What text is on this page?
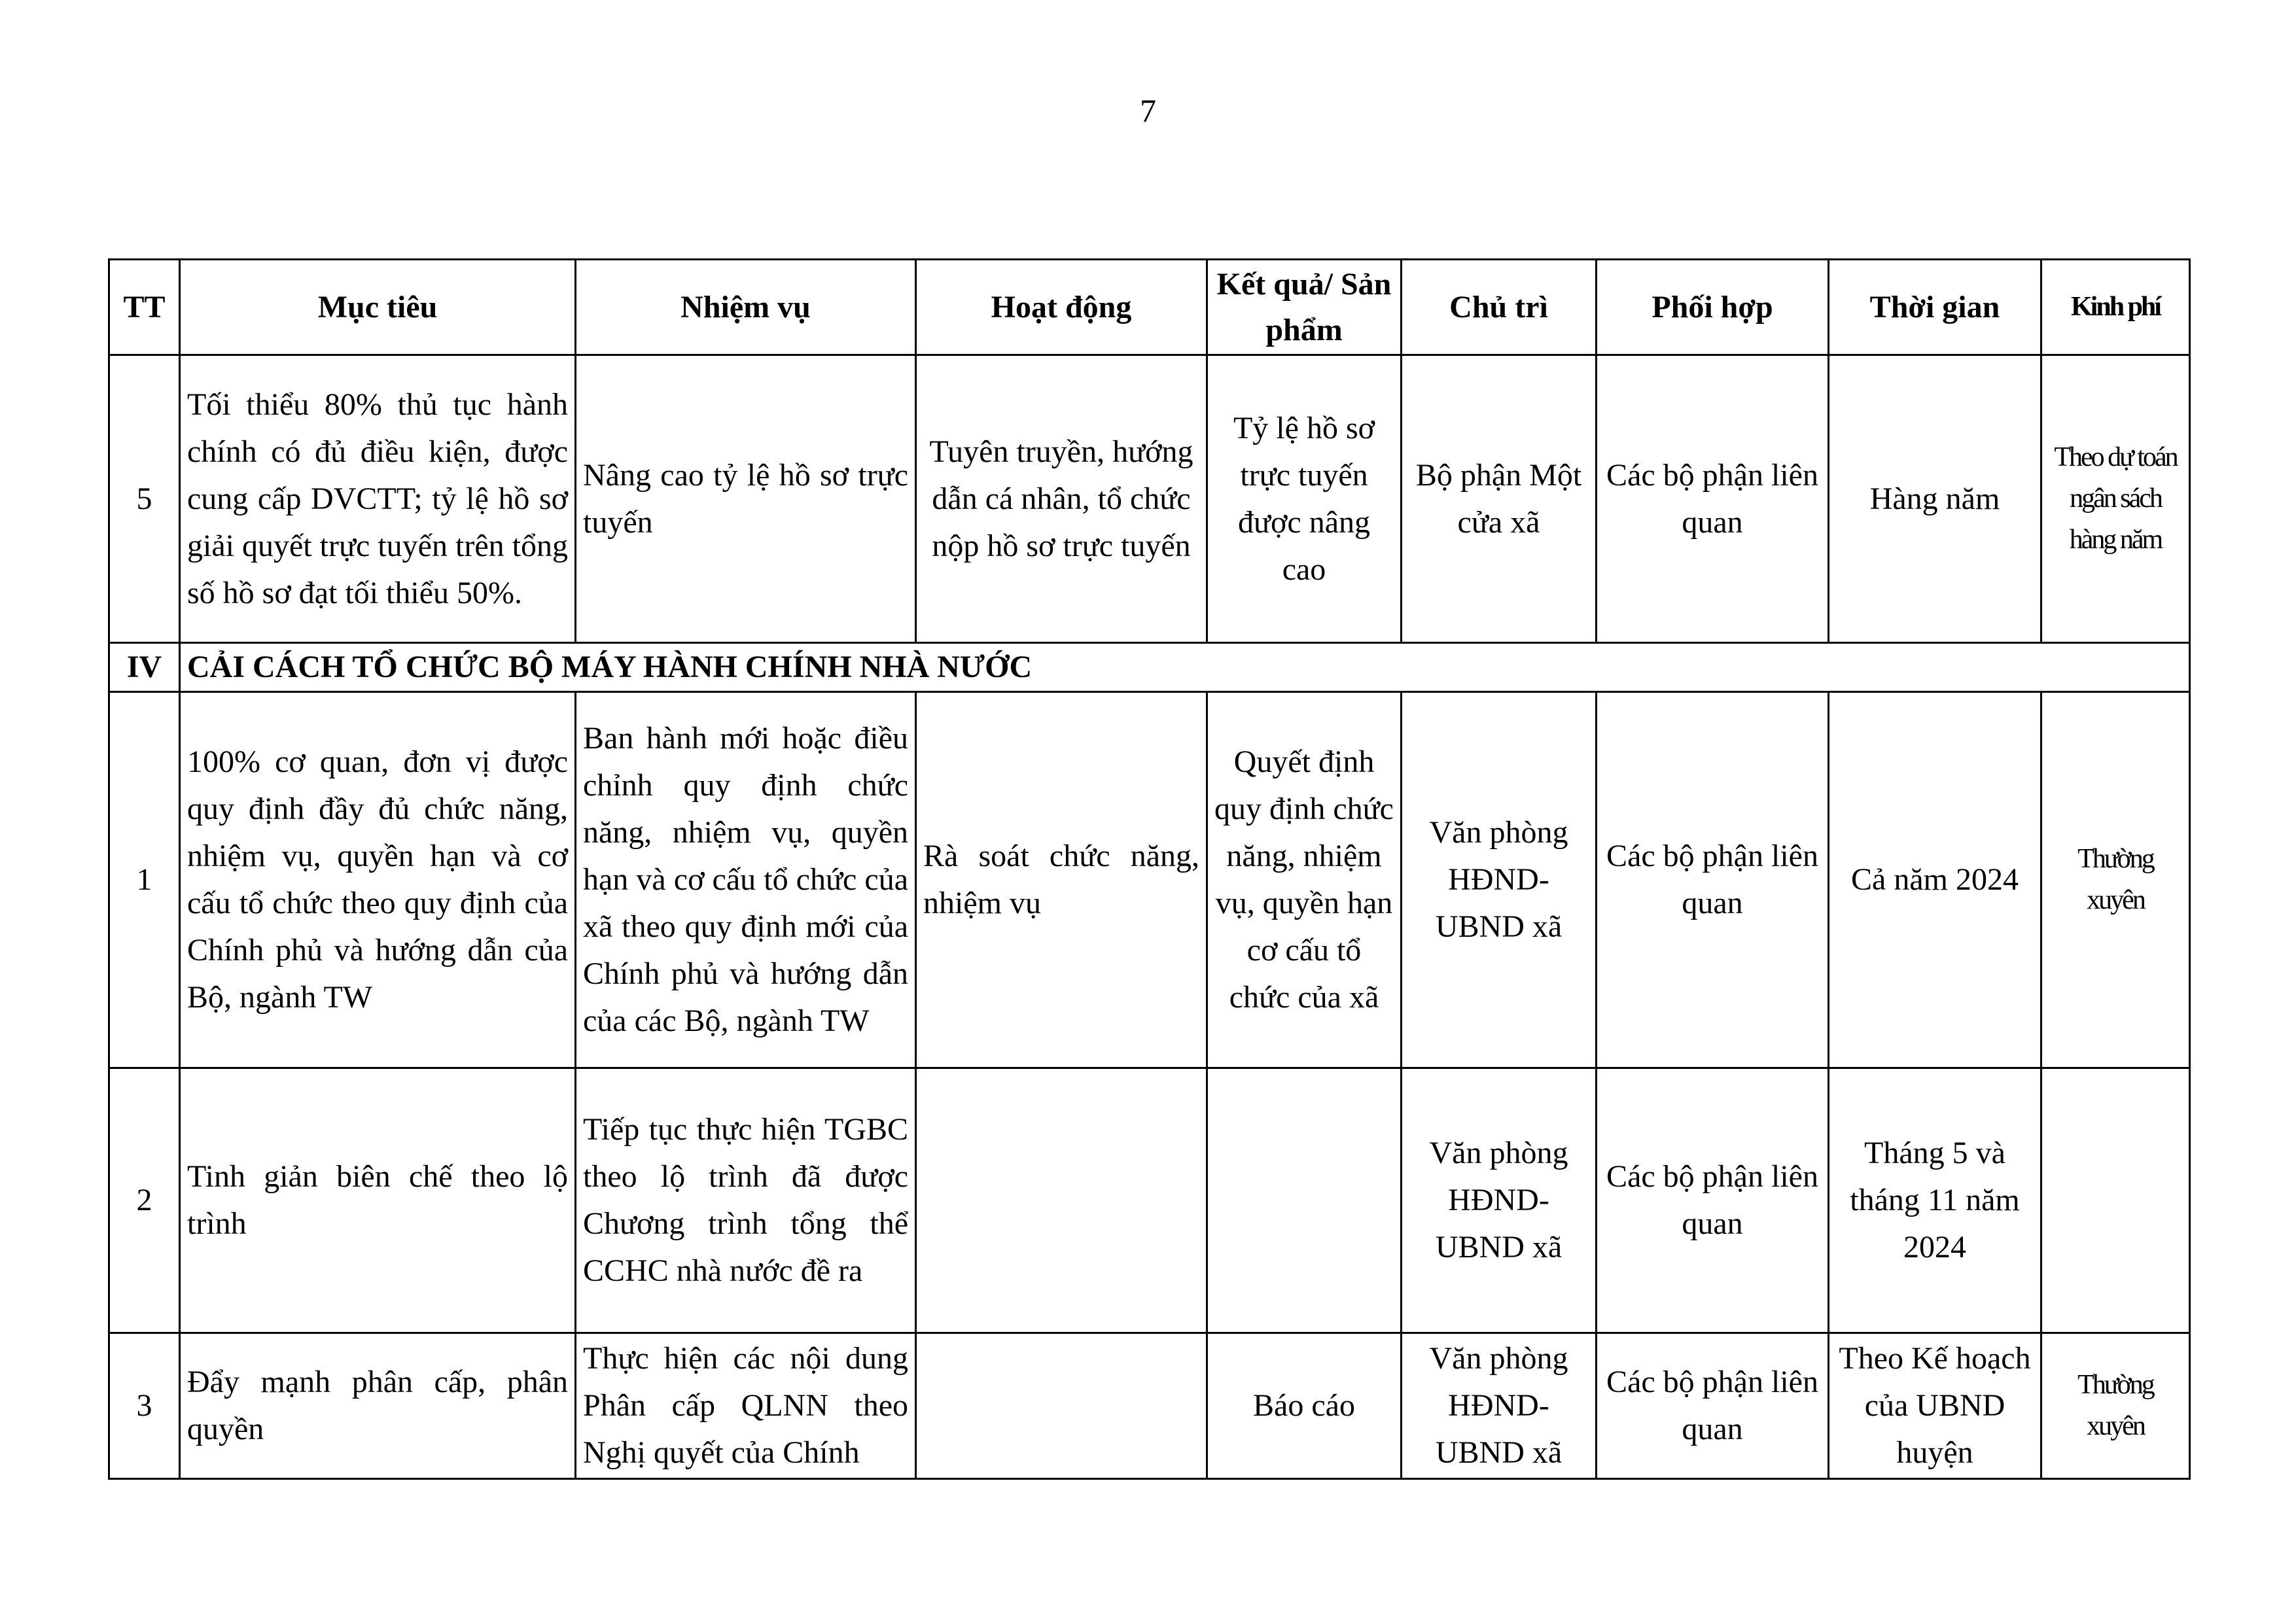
7
TT	Mục tiêu	Nhiệm vụ	Hoạt động	Kết quả/ Sản phẩm	Chủ trì	Phối hợp	Thời gian	Kinh phí
5	Tối thiểu 80% thủ tục hành chính có đủ điều kiện, được cung cấp DVCTT; tỷ lệ hồ sơ giải quyết trực tuyến trên tổng số hồ sơ đạt tối thiểu 50%.	Nâng cao tỷ lệ hồ sơ trực tuyến	Tuyên truyền, hướng dẫn cá nhân, tổ chức nộp hồ sơ trực tuyến	Tỷ lệ hồ sơ trực tuyến được nâng cao	Bộ phận Một cửa xã	Các bộ phận liên quan	Hàng năm	Theo dự toán ngân sách hàng năm
IV	CẢI CÁCH TỔ CHỨC BỘ MÁY HÀNH CHÍNH NHÀ NƯỚC							
1	100% cơ quan, đơn vị được quy định đầy đủ chức năng, nhiệm vụ, quyền hạn và cơ cấu tổ chức theo quy định của Chính phủ và hướng dẫn của Bộ, ngành TW	Ban hành mới hoặc điều chỉnh quy định chức năng, nhiệm vụ, quyền hạn và cơ cấu tổ chức của xã theo quy định mới của Chính phủ và hướng dẫn của các Bộ, ngành TW	Rà soát chức năng, nhiệm vụ	Quyết định quy định chức năng, nhiệm vụ, quyền hạn cơ cấu tổ chức của xã	Văn phòng HĐND-UBND xã	Các bộ phận liên quan	Cả năm 2024	Thường xuyên
2	Tinh giản biên chế theo lộ trình	Tiếp tục thực hiện TGBC theo lộ trình đã được Chương trình tổng thể CCHC nhà nước đề ra			Văn phòng HĐND-UBND xã	Các bộ phận liên quan	Tháng 5 và tháng 11 năm 2024	
3	Đẩy mạnh phân cấp, phân quyền	Thực hiện các nội dung Phân cấp QLNN theo Nghị quyết của Chính		Báo cáo	Văn phòng HĐND-UBND xã	Các bộ phận liên quan	Theo Kế hoạch của UBND huyện	Thường xuyên
